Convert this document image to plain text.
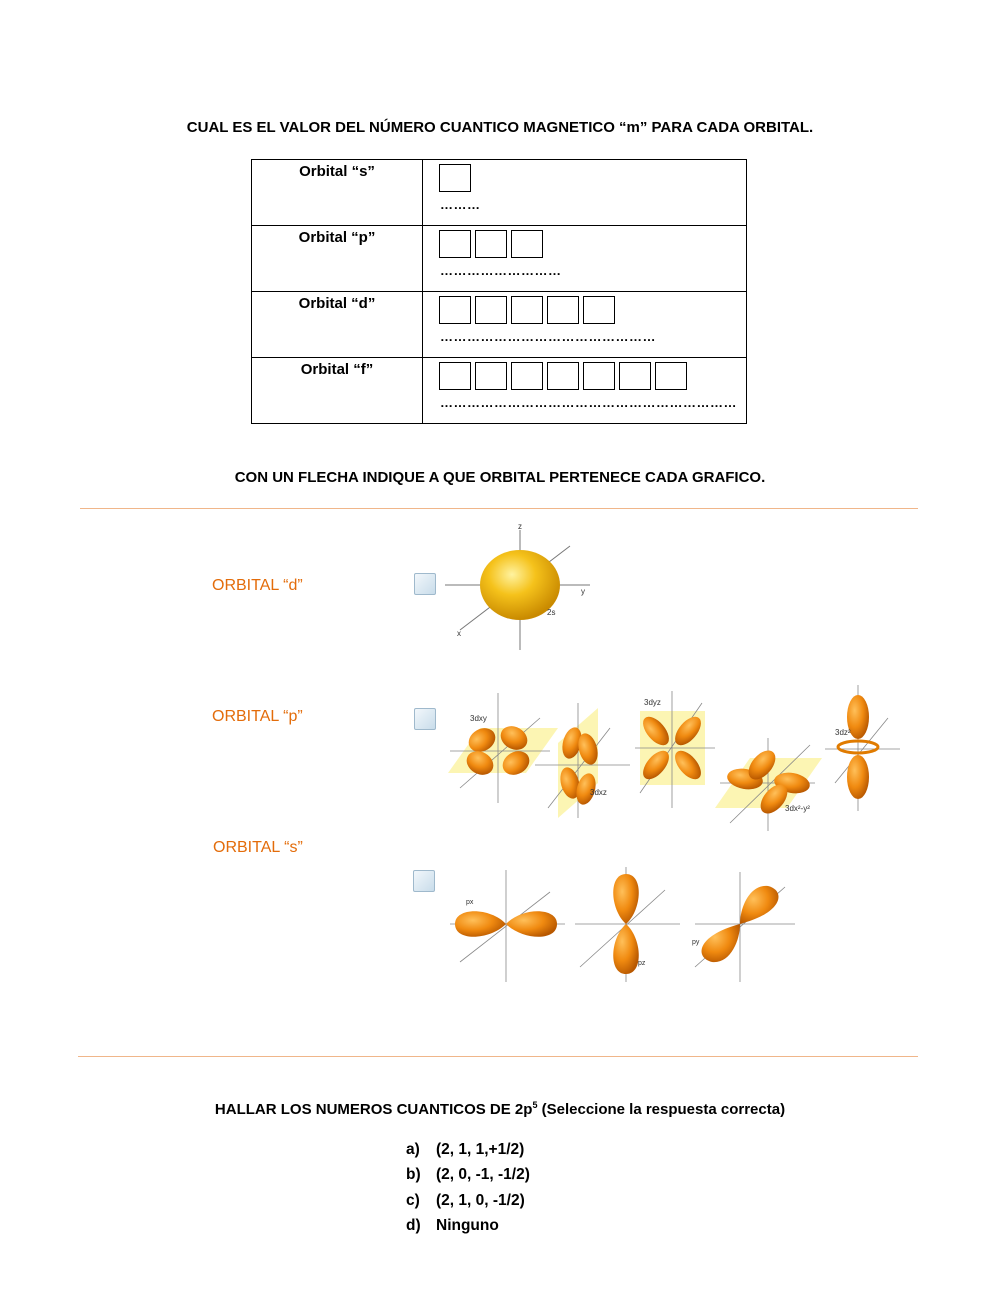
CUAL ES EL VALOR DEL NÚMERO CUANTICO MAGNETICO “m” PARA CADA ORBITAL.
Orbital “s”	………

Orbital “p”	………………………

Orbital “d”	…………………………………………

Orbital “f”	…………………………………………………………
CON UN FLECHA INDIQUE A QUE ORBITAL PERTENECE CADA GRAFICO.
ORBITAL “d”
ORBITAL “p”
ORBITAL “s”
z
y
x
2s
3dxy
3dxz
3dyz
3dx²-y²
3dz²
px
pz
py
HALLAR LOS NUMEROS CUANTICOS DE $2p^5$ (Seleccione la respuesta correcta)
a) (2, 1, 1,+1/2)
b) (2, 0, -1, -1/2)
c) (2, 1, 0, -1/2)
d) Ninguno
